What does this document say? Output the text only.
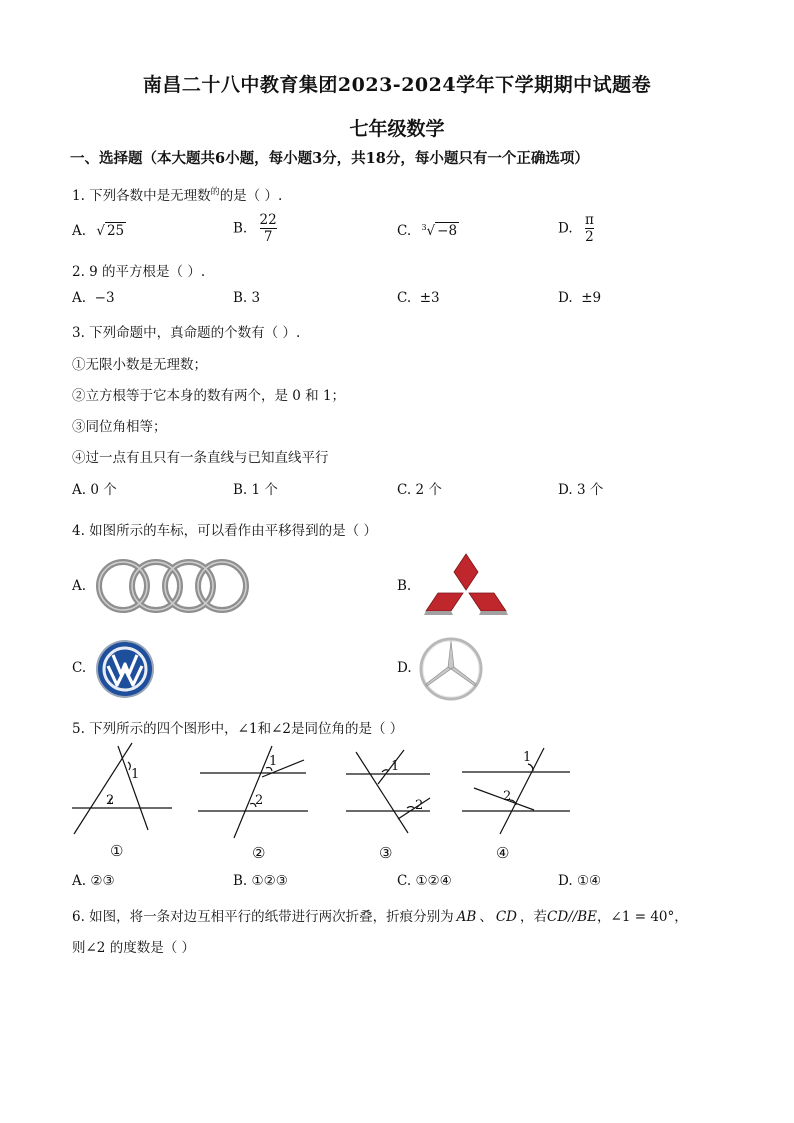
南昌二十八中教育集团2023-2024学年下学期期中试题卷
七年级数学
一、选择题（本大题共6小题，每小题3分，共18分，每小题只有一个正确选项）
1. 下列各数中是无理数$^的$的是（ ）.
A. √ 25	B. $\frac{22}{7}$	C. $^3$√ −8	D. $\frac{\pi}{2}$
2. 9 的平方根是（ ）.
A. −3	B. 3	C. ±3	D. ±9
3. 下列命题中，真命题的个数有（ ）.
①无限小数是无理数；
②立方根等于它本身的数有两个，是 0 和 1；
③同位角相等；
④过一点有且只有一条直线与已知直线平行
A. 0 个	B. 1 个	C. 2 个	D. 3 个
4. 如图所示的车标，可以看作由平移得到的是（ ）
A.	B.
C.	D.
5. 下列所示的四个图形中，∠1和∠2是同位角的是（ ）
1
2
1
2
1
2
1
2
①	②	③	④
A. ②③	B. ①②③	C. ①②④	D. ①④
6. 如图，将一条对边互相平行的纸带进行两次折叠，折痕分别为 AB 、 CD ，若CD//BE，∠1 = 40°，
则∠2 的度数是（ ）
